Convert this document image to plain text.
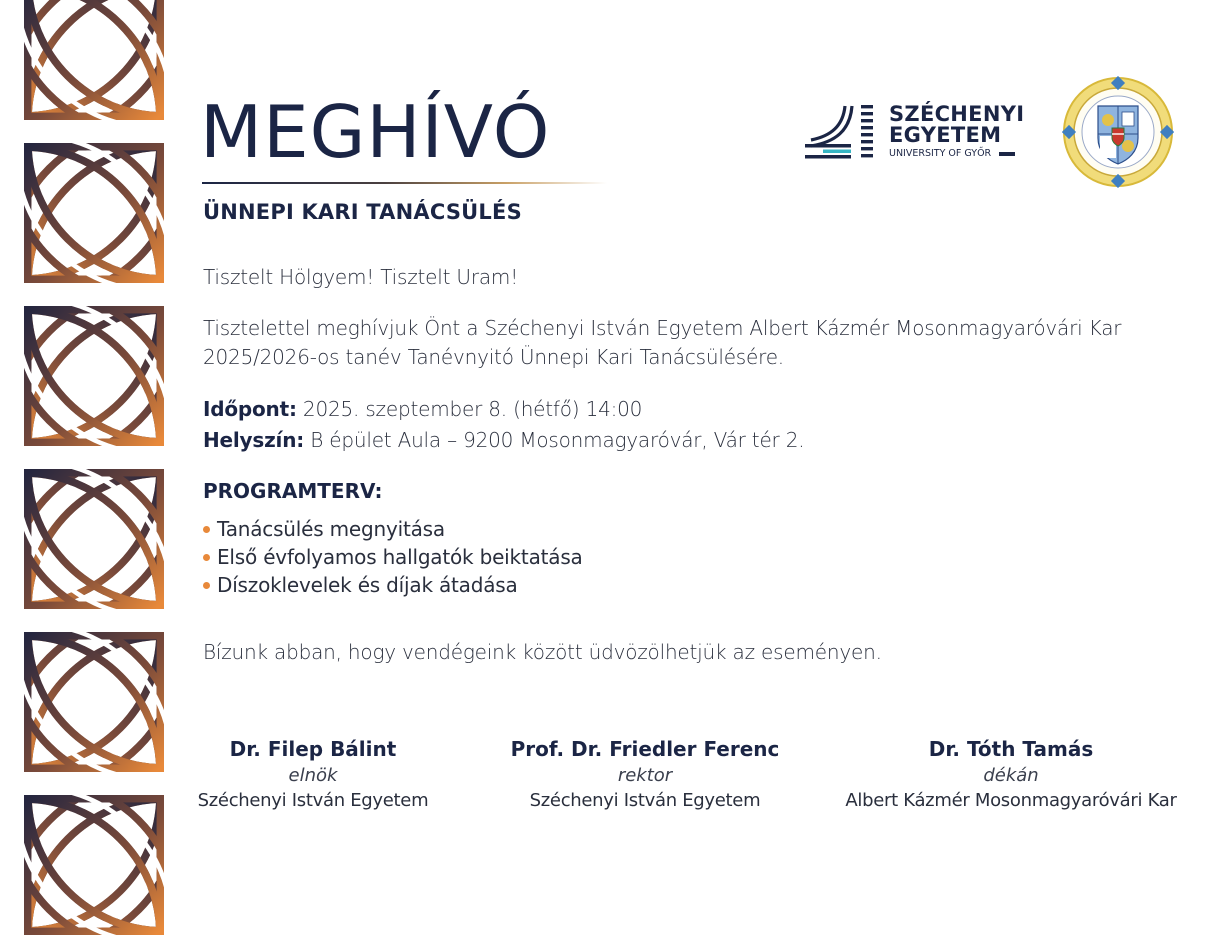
MEGHÍVÓ
ÜNNEPI KARI TANÁCSÜLÉS
SZÉCHENYI
EGYETEM
UNIVERSITY OF GYŐR

Tisztelt Hölgyem! Tisztelt Uram!

Tisztelettel meghívjuk Önt a Széchenyi István Egyetem Albert Kázmér Mosonmagyaróvári Kar 2025/2026-os tanév Tanévnyitó Ünnepi Kari Tanácsülésére.

Időpont: 2025. szeptember 8. (hétfő) 14:00
Helyszín: B épület Aula – 9200 Mosonmagyaróvár, Vár tér 2.
PROGRAMTERV:
Tanácsülés megnyitása
Első évfolyamos hallgatók beiktatása
Díszoklevelek és díjak átadása

Bízunk abban, hogy vendégeink között üdvözölhetjük az eseményen.

Dr. Filep Bálint
elnök
Széchenyi István Egyetem
Prof. Dr. Friedler Ferenc
rektor
Széchenyi István Egyetem
Dr. Tóth Tamás
dékán
Albert Kázmér Mosonmagyaróvári Kar
